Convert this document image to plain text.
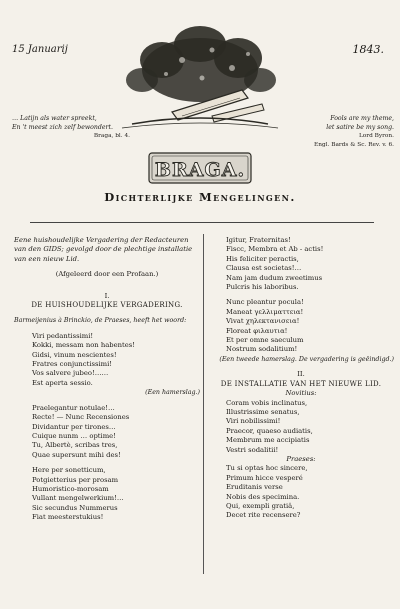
15 Januarij	1843.
… Latijn als water spreekt,
En 't meest zich zelf bewondert.
Braga, bl. 4.
Fools are my theme,
let satire be my song.
Lord Byron.
Engl. Bards & Sc. Rev. v. 6.
BRAGA.
Dichterlijke Mengelingen.

Eene huishoudelijke Vergadering der Redacteuren van den GIDS; gevolgd door de plechtige installatie van een nieuw Lid.

(Afgeleerd door een Profaan.)

I.

DE HUISHOUDELIJKE VERGADERING.

Barmeijenius à Brinckio, de Praeses, heeft het woord:

Viri pedantissimi!

Kokki, messam non habentes!

Gidsi, vinum nescientes!

Fratres conjunctissimi!

Vos salvere jubeo!……

Est aperta sessio.

(Een hamerslag.)

Praelegantur notulae!…

Recte! — Nunc Recensiones

Dividantur per tirones…

Cuique nunm … optime!

Tu, Albertè, scribas tres,

Quae supersunt mihi des!

Here per sonetticum,

Potgietterius per prosam

Humoristico-morosam

Vullant mengelwerkium!…

Sic secundus Nummerus

Fiat meesterstukius!

Igitur, Fraternitas!

Fiscc, Membra et Ab - actis!

His feliciter peractis,

Clausa est societas!…

Nam jam dudum zweetimus

Pulcris his laboribus.

Nunc pleantur pocula!

Maneat γελλιματτεια!

Vivat χηλεκτανισεια!

Floreat φιλαυτια!

Et per omne saeculum

Nostrum sodalitium!

(Een tweede hamerslag. De vergadering is geëindigd.)

II.

DE INSTALLATIE VAN HET NIEUWE LID.

Novitius:

Coram vobis inclinatus,

Illustrissime senatus,

Viri nobilissimi!

Praecor, quaeso audiatis,

Membrum me accipiatis

Vestri sodalitii!

Praeses:

Tu si optas hoc sincere,

Primum hicce vesperé

Eruditanis verse

Nobis des specimina.

Qui, exempli gratiâ,

Decet rite recensere?
